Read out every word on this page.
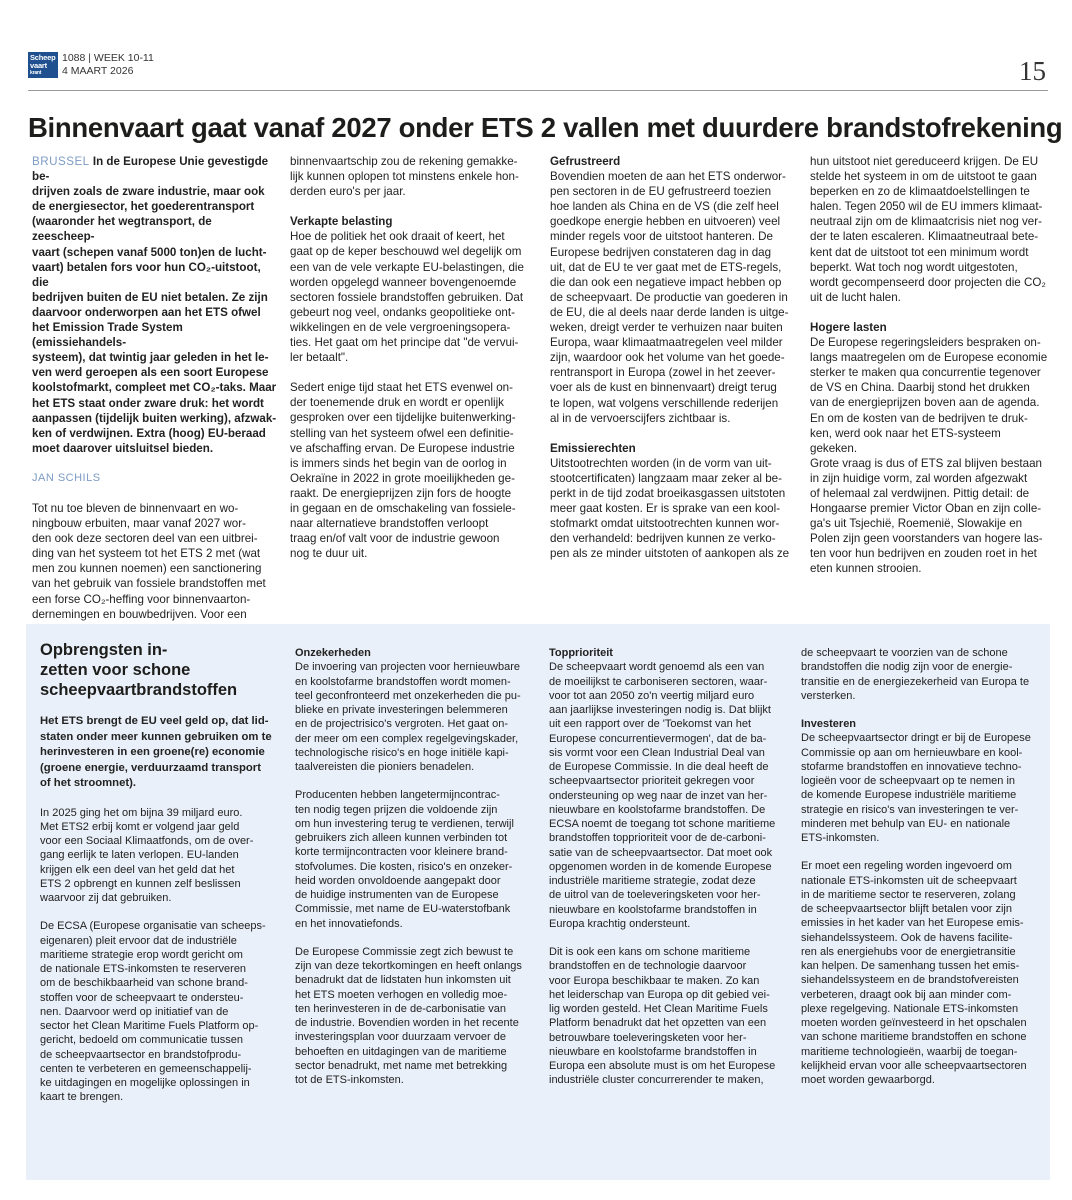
Scheep
vaart
krant
1088 | WEEK 10-11
4 MAART 2026	15
Binnenvaart gaat vanaf 2027 onder ETS 2 vallen met duurdere brandstofrekening

BRUSSEL In de Europese Unie gevestigde be-

drijven zoals de zware industrie, maar ook
de energiesector, het goederentransport
(waaronder het wegtransport, de zeescheep-
vaart (schepen vanaf 5000 ton)en de lucht-
vaart) betalen fors voor hun CO₂-uitstoot, die
bedrijven buiten de EU niet betalen. Ze zijn
daarvoor onderworpen aan het ETS ofwel
het Emission Trade System (emissiehandels-
systeem), dat twintig jaar geleden in het le-
ven werd geroepen als een soort Europese
koolstofmarkt, compleet met CO₂-taks. Maar
het ETS staat onder zware druk: het wordt
aanpassen (tijdelijk buiten werking), afzwak-
ken of verdwijnen. Extra (hoog) EU-beraad
moet daarover uitsluitsel bieden.

JAN SCHILS

Tot nu toe bleven de binnenvaart en wo-
ningbouw erbuiten, maar vanaf 2027 wor-
den ook deze sectoren deel van een uitbrei-
ding van het systeem tot het ETS 2 met (wat
men zou kunnen noemen) een sanctionering
van het gebruik van fossiele brandstoffen met
een forse CO₂-heffing voor binnenvaarton-
dernemingen en bouwbedrijven. Voor een

binnenvaartschip zou de rekening gemakke-
lijk kunnen oplopen tot minstens enkele hon-
derden euro's per jaar.

Verkapte belasting

Hoe de politiek het ook draait of keert, het
gaat op de keper beschouwd wel degelijk om
een van de vele verkapte EU-belastingen, die
worden opgelegd wanneer bovengenoemde
sectoren fossiele brandstoffen gebruiken. Dat
gebeurt nog veel, ondanks geopolitieke ont-
wikkelingen en de vele vergroeningsopera-
ties. Het gaat om het principe dat "de vervui-
ler betaalt".

Sedert enige tijd staat het ETS evenwel on-
der toenemende druk en wordt er openlijk
gesproken over een tijdelijke buitenwerking-
stelling van het systeem ofwel een definitie-
ve afschaffing ervan. De Europese industrie
is immers sinds het begin van de oorlog in
Oekraïne in 2022 in grote moeilijkheden ge-
raakt. De energieprijzen zijn fors de hoogte
in gegaan en de omschakeling van fossiele-
naar alternatieve brandstoffen verloopt
traag en/of valt voor de industrie gewoon
nog te duur uit.

Gefrustreerd

Bovendien moeten de aan het ETS onderwor-
pen sectoren in de EU gefrustreerd toezien
hoe landen als China en de VS (die zelf heel
goedkope energie hebben en uitvoeren) veel
minder regels voor de uitstoot hanteren. De
Europese bedrijven constateren dag in dag
uit, dat de EU te ver gaat met de ETS-regels,
die dan ook een negatieve impact hebben op
de scheepvaart. De productie van goederen in
de EU, die al deels naar derde landen is uitge-
weken, dreigt verder te verhuizen naar buiten
Europa, waar klimaatmaatregelen veel milder
zijn, waardoor ook het volume van het goede-
rentransport in Europa (zowel in het zeever-
voer als de kust en binnenvaart) dreigt terug
te lopen, wat volgens verschillende rederijen
al in de vervoerscijfers zichtbaar is.

Emissierechten

Uitstootrechten worden (in de vorm van uit-
stootcertificaten) langzaam maar zeker al be-
perkt in de tijd zodat broeikasgassen uitstoten
meer gaat kosten. Er is sprake van een kool-
stofmarkt omdat uitstootrechten kunnen wor-
den verhandeld: bedrijven kunnen ze verko-
pen als ze minder uitstoten of aankopen als ze

hun uitstoot niet gereduceerd krijgen. De EU
stelde het systeem in om de uitstoot te gaan
beperken en zo de klimaatdoelstellingen te
halen. Tegen 2050 wil de EU immers klimaat-
neutraal zijn om de klimaatcrisis niet nog ver-
der te laten escaleren. Klimaatneutraal bete-
kent dat de uitstoot tot een minimum wordt
beperkt. Wat toch nog wordt uitgestoten,
wordt gecompenseerd door projecten die CO₂
uit de lucht halen.

Hogere lasten

De Europese regeringsleiders bespraken on-
langs maatregelen om de Europese economie
sterker te maken qua concurrentie tegenover
de VS en China. Daarbij stond het drukken
van de energieprijzen boven aan de agenda.
En om de kosten van de bedrijven te druk-
ken, werd ook naar het ETS-systeem gekeken.
Grote vraag is dus of ETS zal blijven bestaan
in zijn huidige vorm, zal worden afgezwakt
of helemaal zal verdwijnen. Pittig detail: de
Hongaarse premier Victor Oban en zijn colle-
ga's uit Tsjechië, Roemenië, Slowakije en
Polen zijn geen voorstanders van hogere las-
ten voor hun bedrijven en zouden roet in het
eten kunnen strooien.

Opbrengsten in-
zetten voor schone
scheepvaartbrandstoffen

Het ETS brengt de EU veel geld op, dat lid-
staten onder meer kunnen gebruiken om te
herinvesteren in een groene(re) economie
(groene energie, verduurzaamd transport
of het stroomnet).

In 2025 ging het om bijna 39 miljard euro.
Met ETS2 erbij komt er volgend jaar geld
voor een Sociaal Klimaatfonds, om de over-
gang eerlijk te laten verlopen. EU-landen
krijgen elk een deel van het geld dat het
ETS 2 opbrengt en kunnen zelf beslissen
waarvoor zij dat gebruiken.

De ECSA (Europese organisatie van scheeps-
eigenaren) pleit ervoor dat de industriële
maritieme strategie erop wordt gericht om
de nationale ETS-inkomsten te reserveren
om de beschikbaarheid van schone brand-
stoffen voor de scheepvaart te ondersteu-
nen. Daarvoor werd op initiatief van de
sector het Clean Maritime Fuels Platform op-
gericht, bedoeld om communicatie tussen
de scheepvaartsector en brandstofprodu-
centen te verbeteren en gemeenschappelij-
ke uitdagingen en mogelijke oplossingen in
kaart te brengen.

Onzekerheden

De invoering van projecten voor hernieuwbare
en koolstofarme brandstoffen wordt momen-
teel geconfronteerd met onzekerheden die pu-
blieke en private investeringen belemmeren
en de projectrisico's vergroten. Het gaat on-
der meer om een complex regelgevingskader,
technologische risico's en hoge initiële kapi-
taalvereisten die pioniers benadelen.

Producenten hebben langetermijncontrac-
ten nodig tegen prijzen die voldoende zijn
om hun investering terug te verdienen, terwijl
gebruikers zich alleen kunnen verbinden tot
korte termijncontracten voor kleinere brand-
stofvolumes. Die kosten, risico's en onzeker-
heid worden onvoldoende aangepakt door
de huidige instrumenten van de Europese
Commissie, met name de EU-waterstofbank
en het innovatiefonds.

De Europese Commissie zegt zich bewust te
zijn van deze tekortkomingen en heeft onlangs
benadrukt dat de lidstaten hun inkomsten uit
het ETS moeten verhogen en volledig moe-
ten herinvesteren in de de-carbonisatie van
de industrie. Bovendien worden in het recente
investeringsplan voor duurzaam vervoer de
behoeften en uitdagingen van de maritieme
sector benadrukt, met name met betrekking
tot de ETS-inkomsten.

Topprioriteit

De scheepvaart wordt genoemd als een van
de moeilijkst te carboniseren sectoren, waar-
voor tot aan 2050 zo'n veertig miljard euro
aan jaarlijkse investeringen nodig is. Dat blijkt
uit een rapport over de 'Toekomst van het
Europese concurrentievermogen', dat de ba-
sis vormt voor een Clean Industrial Deal van
de Europese Commissie. In die deal heeft de
scheepvaartsector prioriteit gekregen voor
ondersteuning op weg naar de inzet van her-
nieuwbare en koolstofarme brandstoffen. De
ECSA noemt de toegang tot schone maritieme
brandstoffen topprioriteit voor de de-carboni-
satie van de scheepvaartsector. Dat moet ook
opgenomen worden in de komende Europese
industriële maritieme strategie, zodat deze
de uitrol van de toeleveringsketen voor her-
nieuwbare en koolstofarme brandstoffen in
Europa krachtig ondersteunt.

Dit is ook een kans om schone maritieme
brandstoffen en de technologie daarvoor
voor Europa beschikbaar te maken. Zo kan
het leiderschap van Europa op dit gebied vei-
lig worden gesteld. Het Clean Maritime Fuels
Platform benadrukt dat het opzetten van een
betrouwbare toeleveringsketen voor her-
nieuwbare en koolstofarme brandstoffen in
Europa een absolute must is om het Europese
industriële cluster concurrerender te maken,

de scheepvaart te voorzien van de schone
brandstoffen die nodig zijn voor de energie-
transitie en de energiezekerheid van Europa te
versterken.

Investeren

De scheepvaartsector dringt er bij de Europese
Commissie op aan om hernieuwbare en kool-
stofarme brandstoffen en innovatieve techno-
logieën voor de scheepvaart op te nemen in
de komende Europese industriële maritieme
strategie en risico's van investeringen te ver-
minderen met behulp van EU- en nationale
ETS-inkomsten.

Er moet een regeling worden ingevoerd om
nationale ETS-inkomsten uit de scheepvaart
in de maritieme sector te reserveren, zolang
de scheepvaartsector blijft betalen voor zijn
emissies in het kader van het Europese emis-
siehandelssysteem. Ook de havens facilite-
ren als energiehubs voor de energietransitie
kan helpen. De samenhang tussen het emis-
siehandelssysteem en de brandstofvereisten
verbeteren, draagt ook bij aan minder com-
plexe regelgeving. Nationale ETS-inkomsten
moeten worden geïnvesteerd in het opschalen
van schone maritieme brandstoffen en schone
maritieme technologieën, waarbij de toegan-
kelijkheid ervan voor alle scheepvaartsectoren
moet worden gewaarborgd.
